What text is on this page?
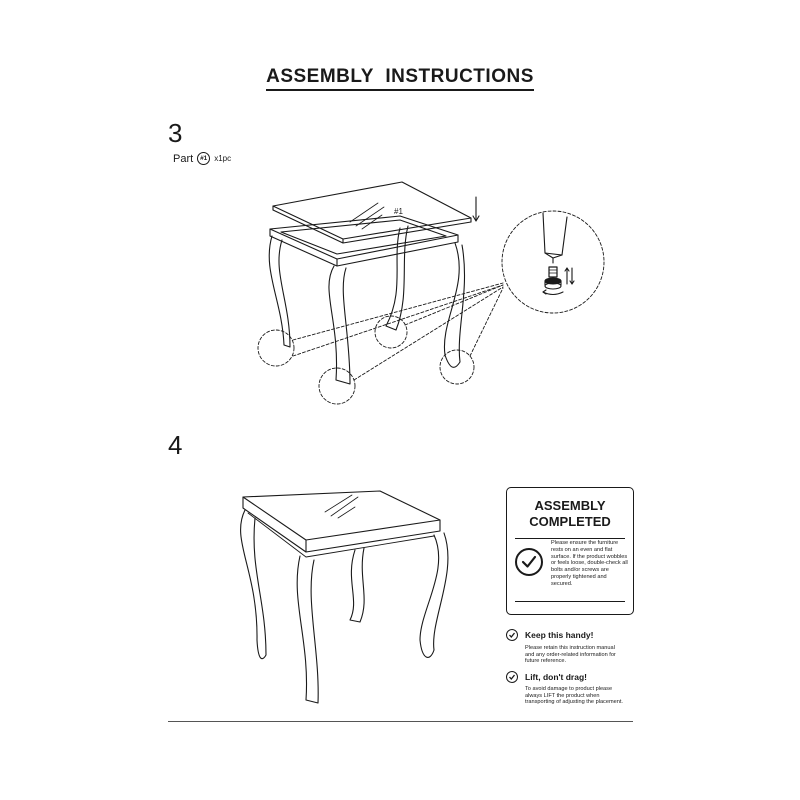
ASSEMBLY INSTRUCTIONS
3
Part	#1 x1pc
4
#1
ASSEMBLY
COMPLETED
Please ensure the furniture rests on an even and flat surface. If the product wobbles or feels loose, double-check all bolts and/or screws are properly tightened and secured.
Keep this handy!
Please retain this instruction manual and any order-related information for future reference.
Lift, don't drag!
To avoid damage to product please always LIFT the product when transporting of adjusting the placement.
